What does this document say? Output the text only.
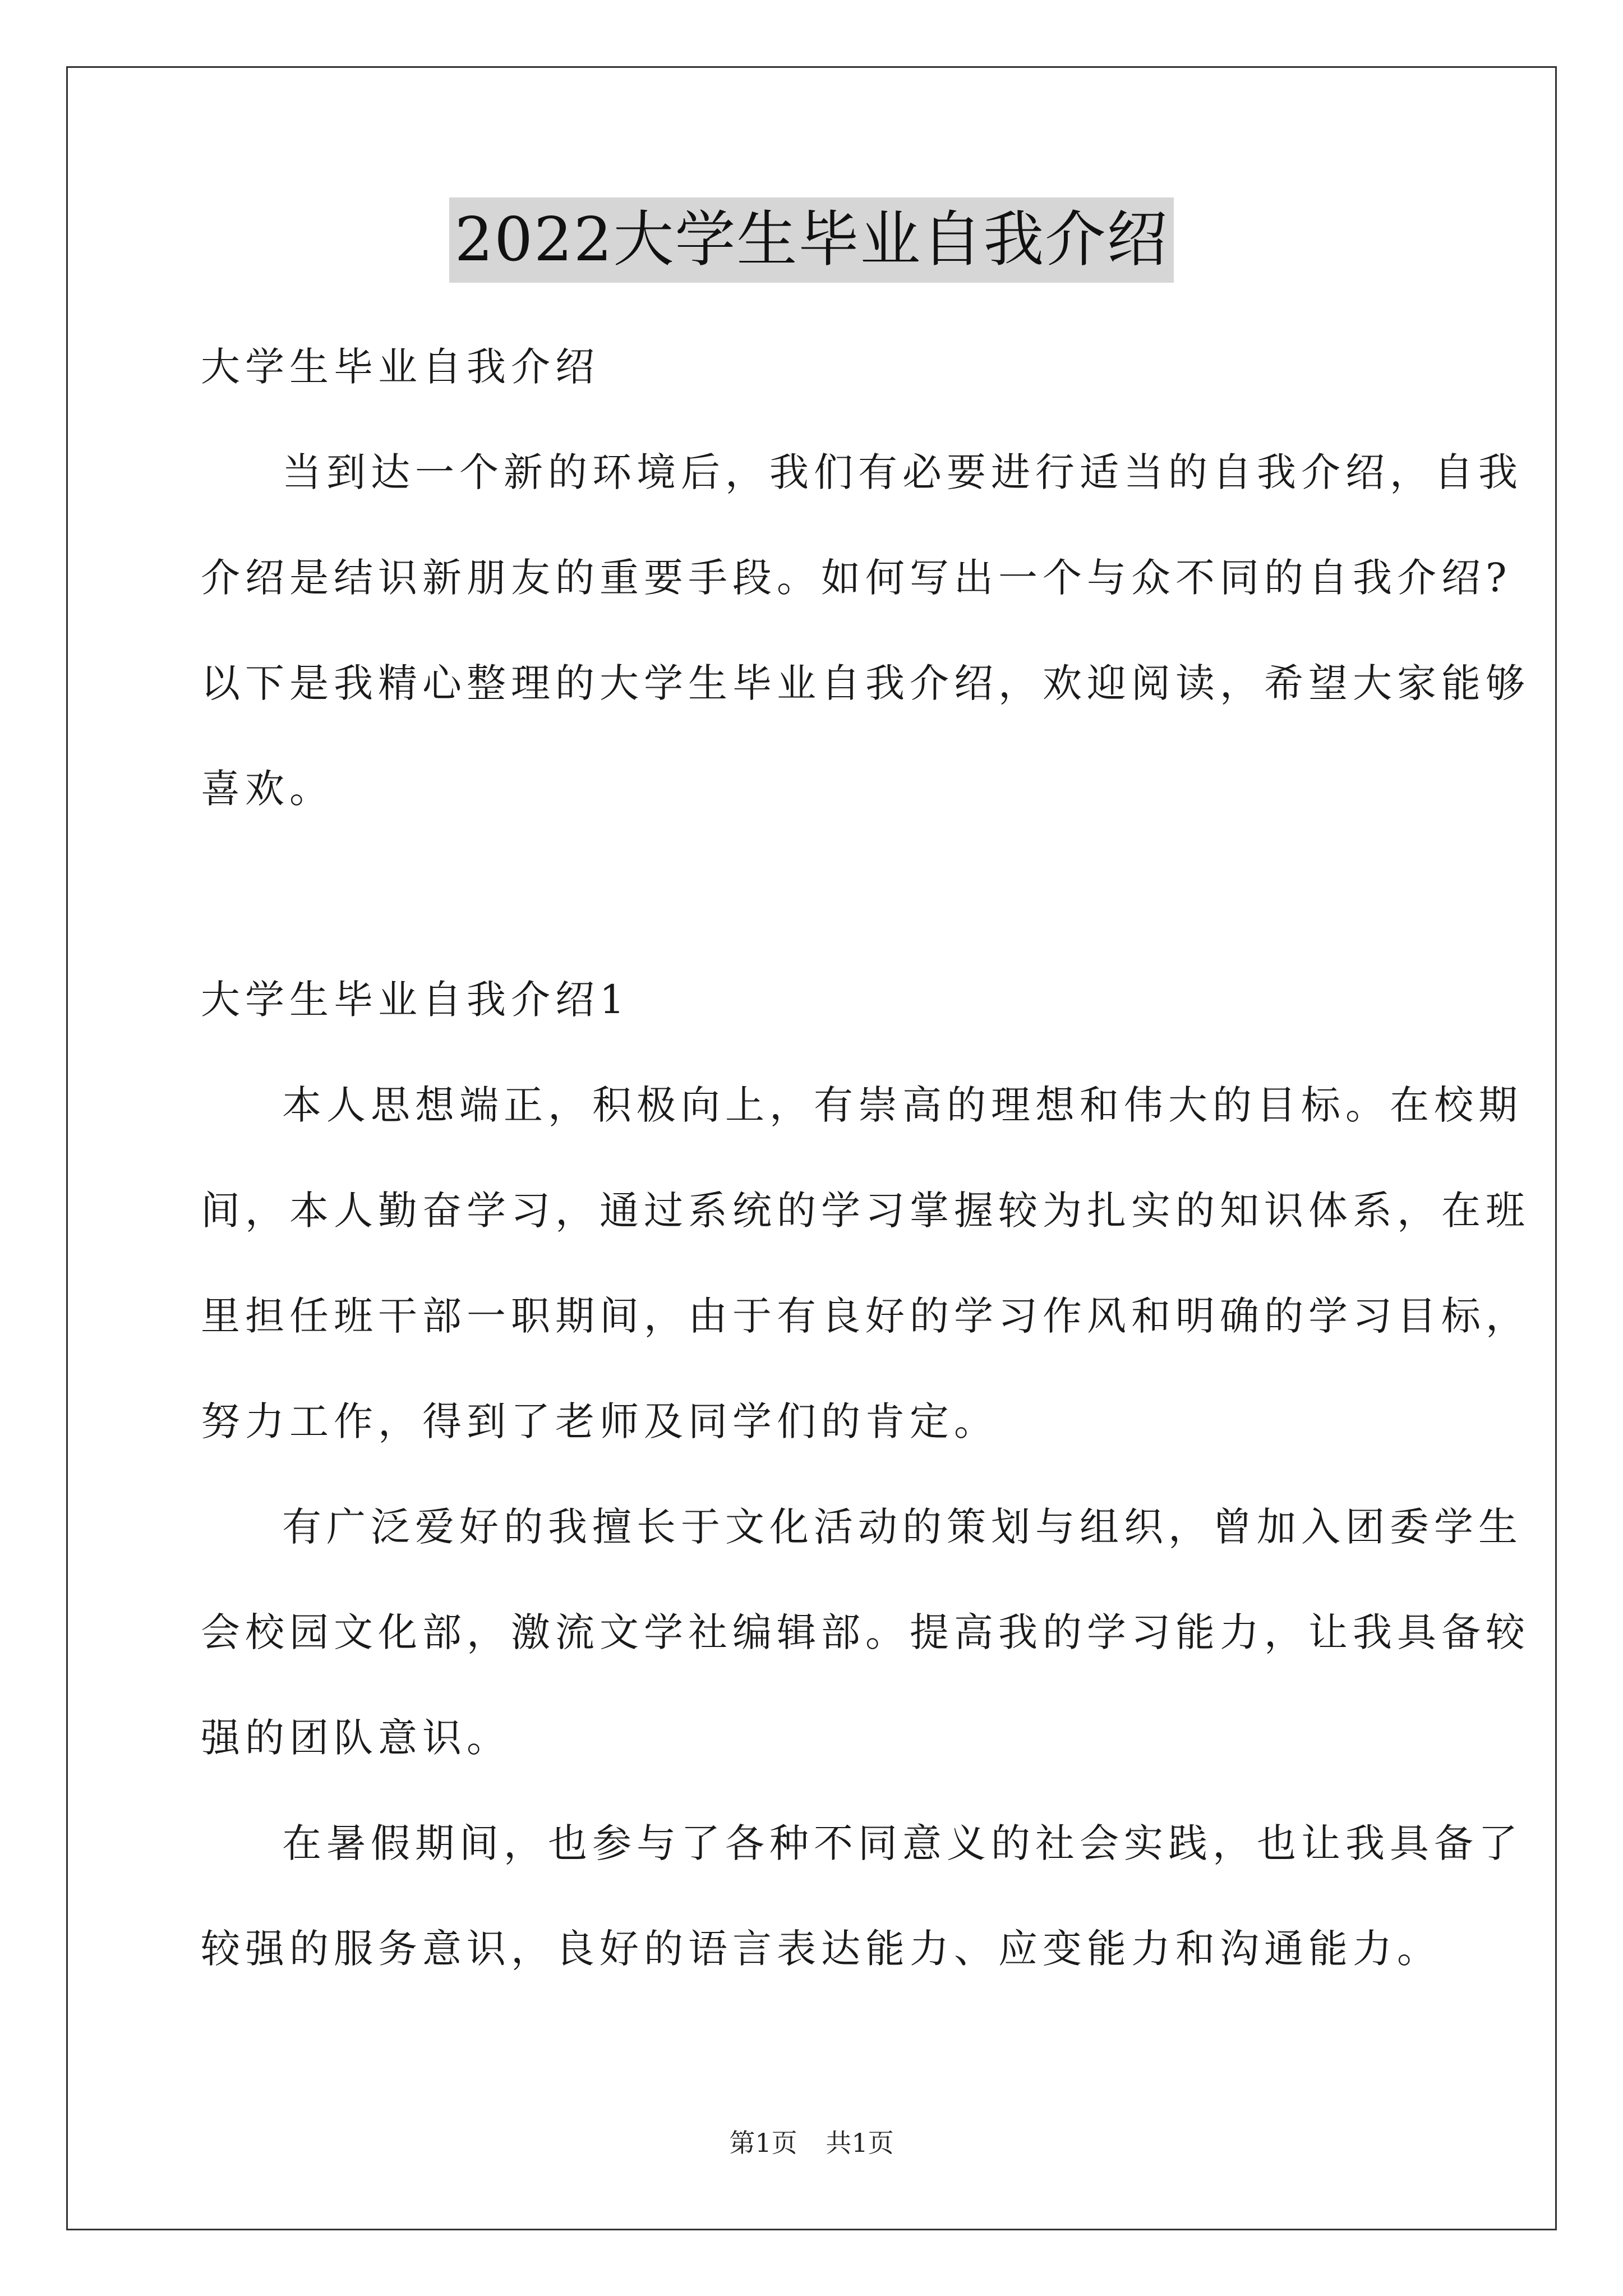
2022大学生毕业自我介绍
大学生毕业自我介绍
当到达一个新的环境后，我们有必要进行适当的自我介绍，自我
介绍是结识新朋友的重要手段。如何写出一个与众不同的自我介绍?
以下是我精心整理的大学生毕业自我介绍，欢迎阅读，希望大家能够
喜欢。
大学生毕业自我介绍1
本人思想端正，积极向上，有崇高的理想和伟大的目标。在校期
间，本人勤奋学习，通过系统的学习掌握较为扎实的知识体系，在班
里担任班干部一职期间，由于有良好的学习作风和明确的学习目标，
努力工作，得到了老师及同学们的肯定。
有广泛爱好的我擅长于文化活动的策划与组织，曾加入团委学生
会校园文化部，激流文学社编辑部。提高我的学习能力，让我具备较
强的团队意识。
在暑假期间，也参与了各种不同意义的社会实践，也让我具备了
较强的服务意识，良好的语言表达能力、应变能力和沟通能力。
第1页 共1页
